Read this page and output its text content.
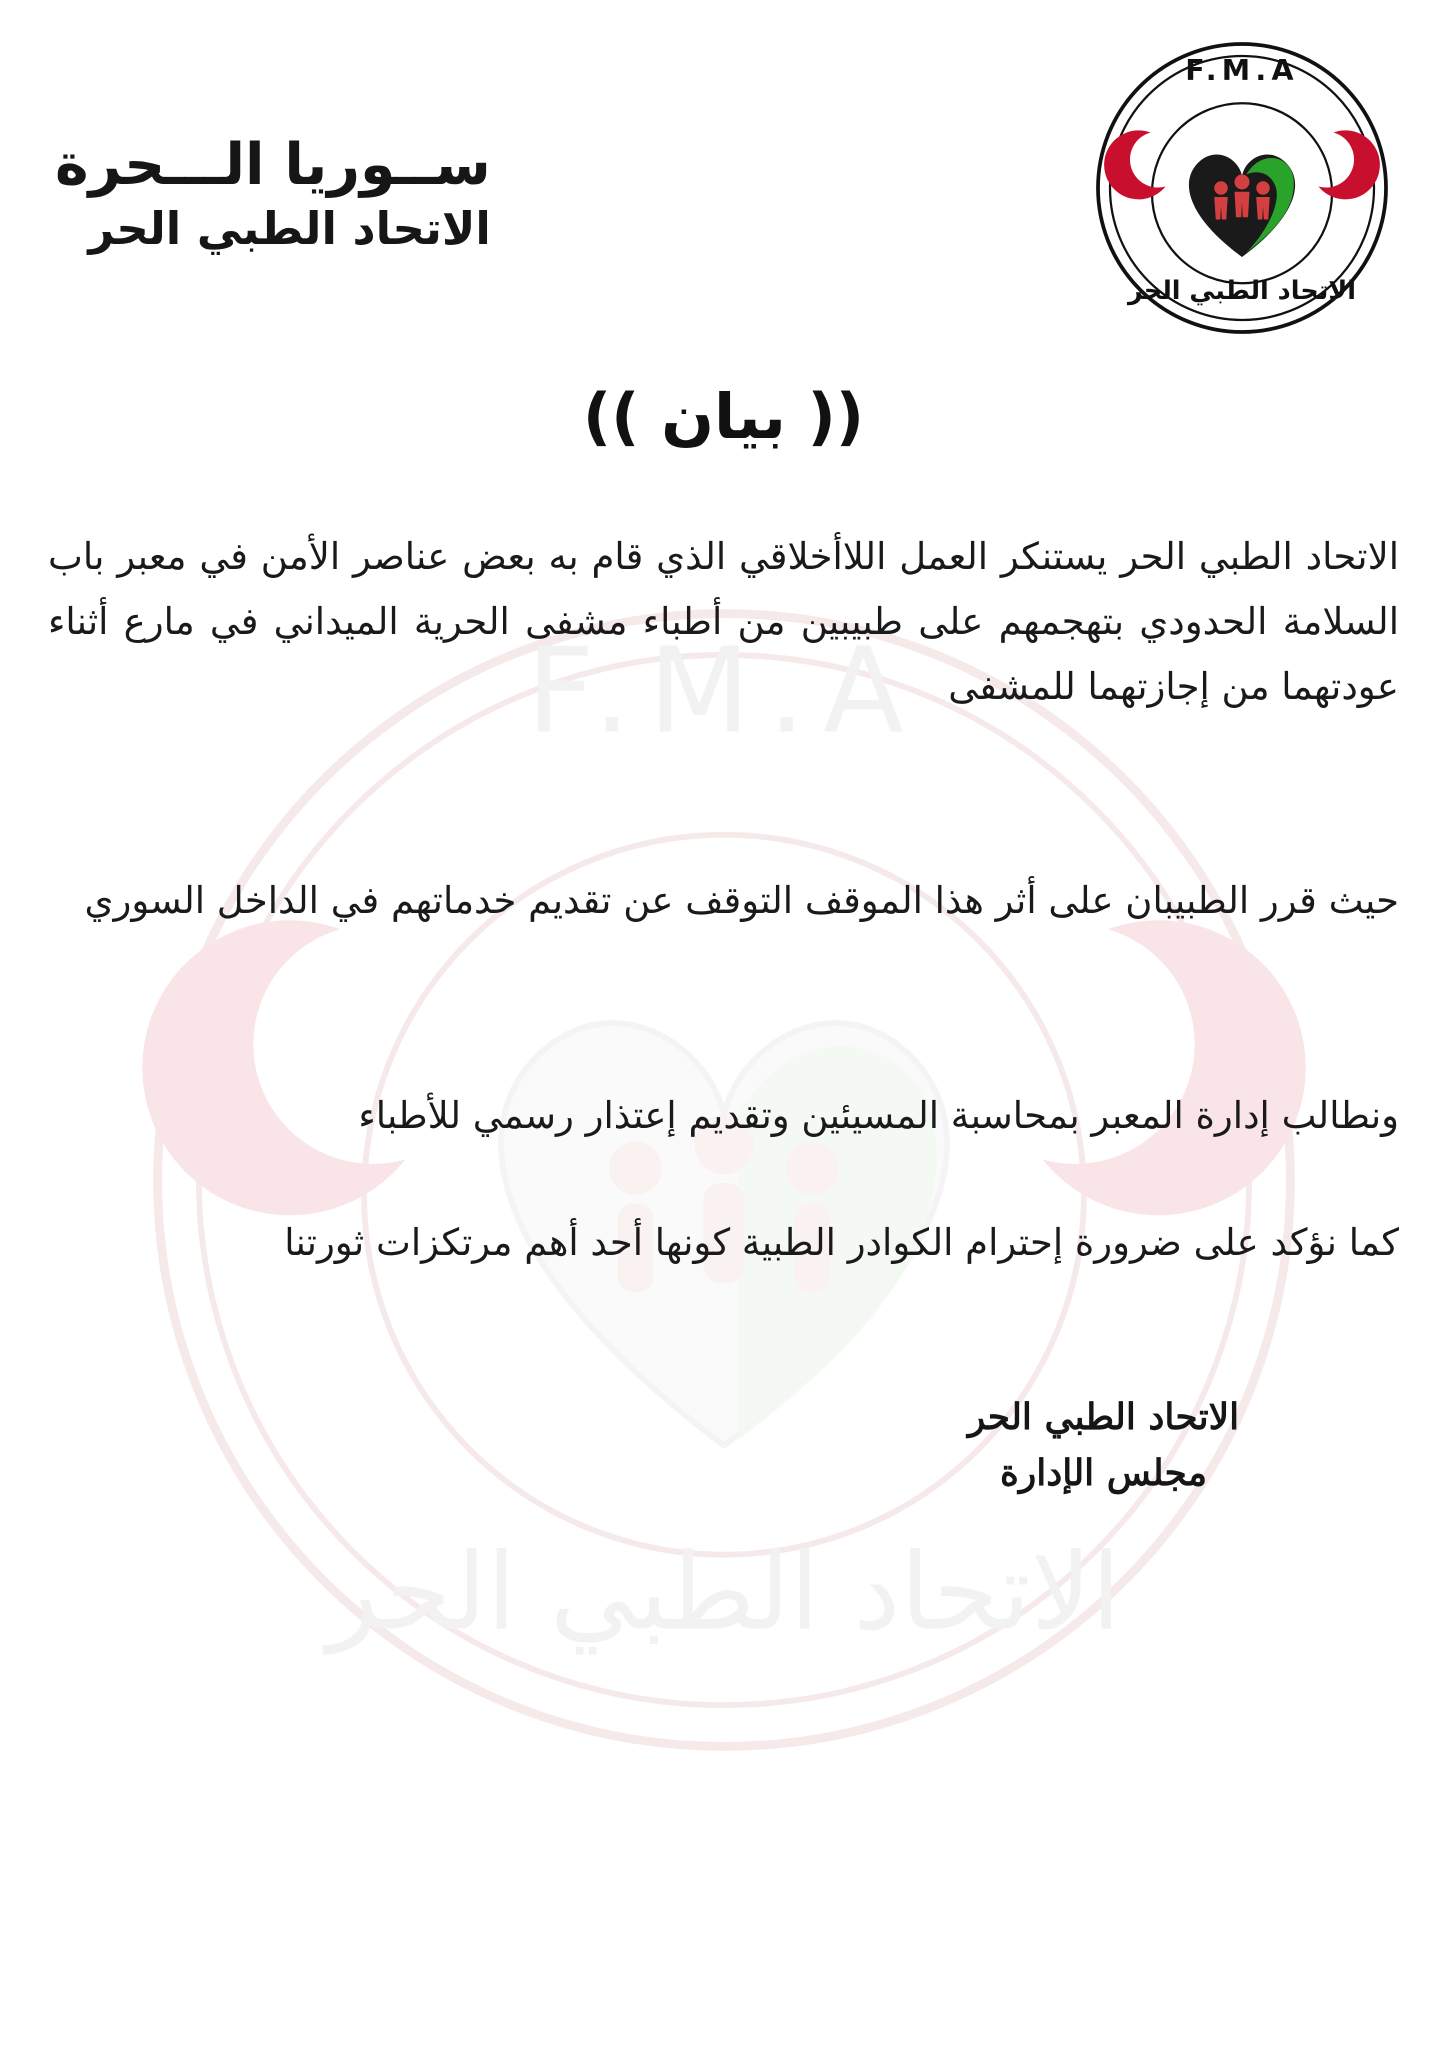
F.M.A
الاتحاد الطبي الحر
ســوريا الـــحرة
الاتحاد الطبي الحر
F.M.A
الاتحاد الطبي الحر
(( بيان ))
الاتحاد الطبي الحر يستنكر العمل اللاأخلاقي الذي قام به بعض عناصر الأمن في معبر باب السلامة الحدودي بتهجمهم على طبيبين من أطباء مشفى الحرية الميداني في مارع أثناء عودتهما من إجازتهما للمشفى
حيث قرر الطبيبان على أثر هذا الموقف التوقف عن تقديم خدماتهم في الداخل السوري
ونطالب إدارة المعبر بمحاسبة المسيئين وتقديم إعتذار رسمي للأطباء
كما نؤكد على ضرورة إحترام الكوادر الطبية كونها أحد أهم مرتكزات ثورتنا
الاتحاد الطبي الحر
مجلس الإدارة
